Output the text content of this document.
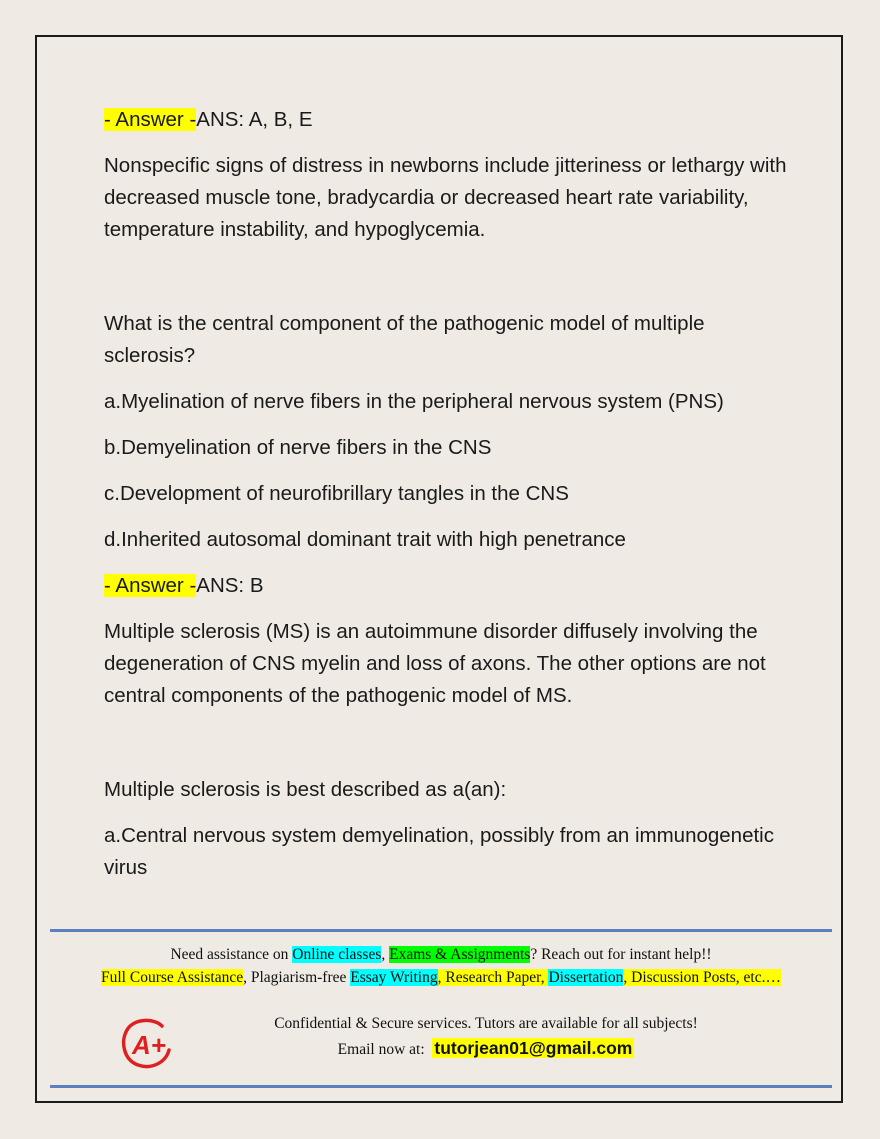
- Answer -ANS: A, B, E

Nonspecific signs of distress in newborns include jitteriness or lethargy with decreased muscle tone, bradycardia or decreased heart rate variability, temperature instability, and hypoglycemia.

What is the central component of the pathogenic model of multiple sclerosis?

a.Myelination of nerve fibers in the peripheral nervous system (PNS)

b.Demyelination of nerve fibers in the CNS

c.Development of neurofibrillary tangles in the CNS

d.Inherited autosomal dominant trait with high penetrance

- Answer -ANS: B

Multiple sclerosis (MS) is an autoimmune disorder diffusely involving the degeneration of CNS myelin and loss of axons. The other options are not central components of the pathogenic model of MS.

Multiple sclerosis is best described as a(an):

a.Central nervous system demyelination, possibly from an immunogenetic virus

Need assistance on Online classes, Exams & Assignments? Reach out for instant help!!
Full Course Assistance, Plagiarism-free Essay Writing, Research Paper, Dissertation, Discussion Posts, etc.…
A+
Confidential & Secure services. Tutors are available for all subjects!
Email now at: tutorjean01@gmail.com
